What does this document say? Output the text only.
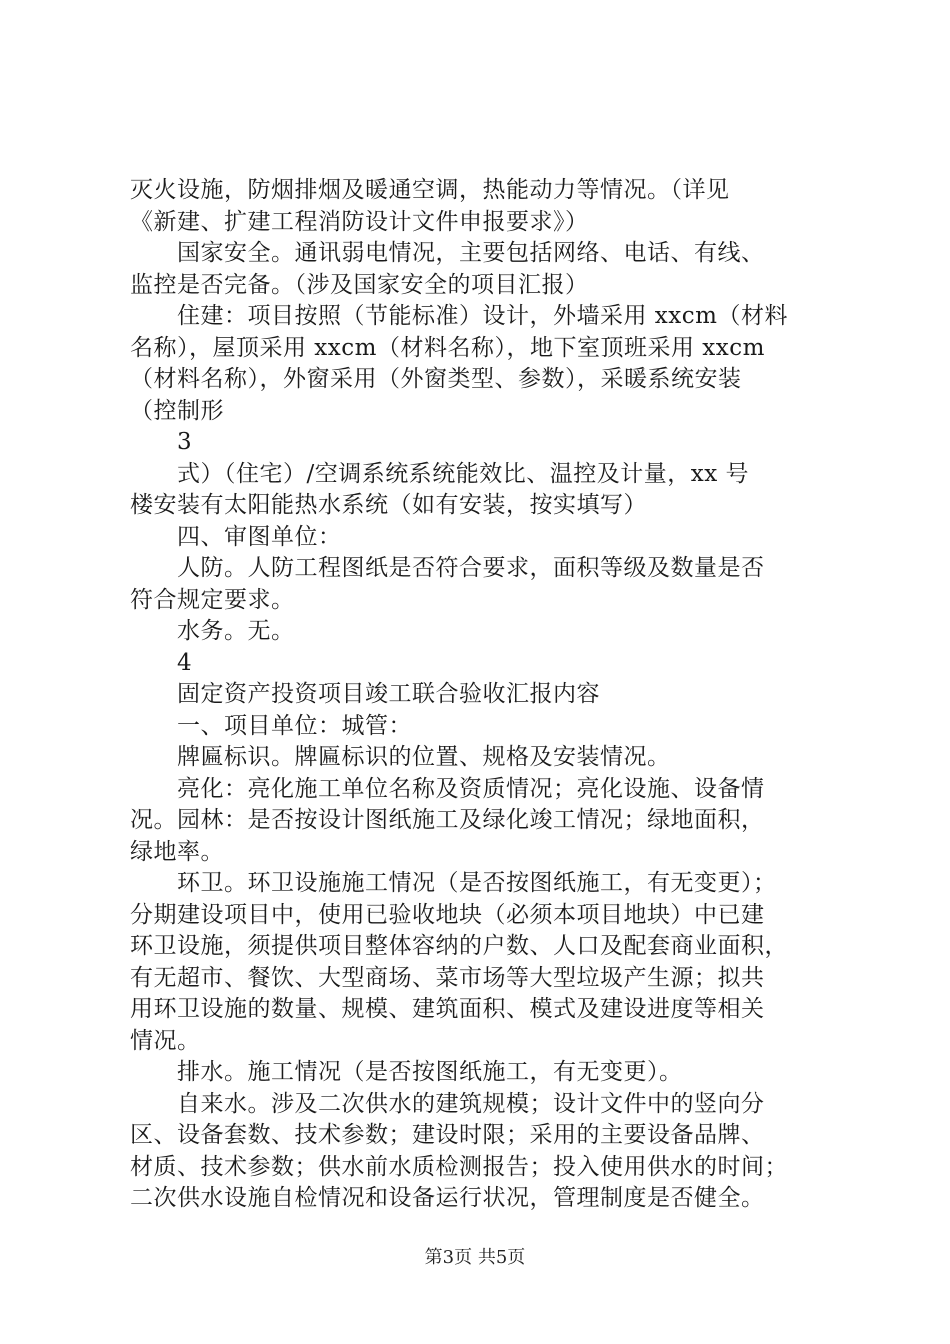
灭火设施，防烟排烟及暖通空调，热能动力等情况。（详见
《新建、扩建工程消防设计文件申报要求》）
　　国家安全。通讯弱电情况，主要包括网络、电话、有线、
监控是否完备。（涉及国家安全的项目汇报）
　　住建：项目按照（节能标准）设计，外墙采用 xxcm（材料
名称），屋顶采用 xxcm（材料名称），地下室顶班采用 xxcm
（材料名称），外窗采用（外窗类型、参数），采暖系统安装
（控制形
　　3
　　式）（住宅）/空调系统系统能效比、温控及计量，xx 号
楼安装有太阳能热水系统（如有安装，按实填写）
　　四、审图单位：
　　人防。人防工程图纸是否符合要求，面积等级及数量是否
符合规定要求。
　　水务。无。
　　4
　　固定资产投资项目竣工联合验收汇报内容
　　一、项目单位：城管：
　　牌匾标识。牌匾标识的位置、规格及安装情况。
　　亮化：亮化施工单位名称及资质情况；亮化设施、设备情
况。园林：是否按设计图纸施工及绿化竣工情况；绿地面积，
绿地率。
　　环卫。环卫设施施工情况（是否按图纸施工，有无变更）；
分期建设项目中，使用已验收地块（必须本项目地块）中已建
环卫设施，须提供项目整体容纳的户数、人口及配套商业面积，
有无超市、餐饮、大型商场、菜市场等大型垃圾产生源；拟共
用环卫设施的数量、规模、建筑面积、模式及建设进度等相关
情况。
　　排水。施工情况（是否按图纸施工，有无变更）。
　　自来水。涉及二次供水的建筑规模；设计文件中的竖向分
区、设备套数、技术参数；建设时限；采用的主要设备品牌、
材质、技术参数；供水前水质检测报告；投入使用供水的时间；
二次供水设施自检情况和设备运行状况，管理制度是否健全。
第3页 共5页
